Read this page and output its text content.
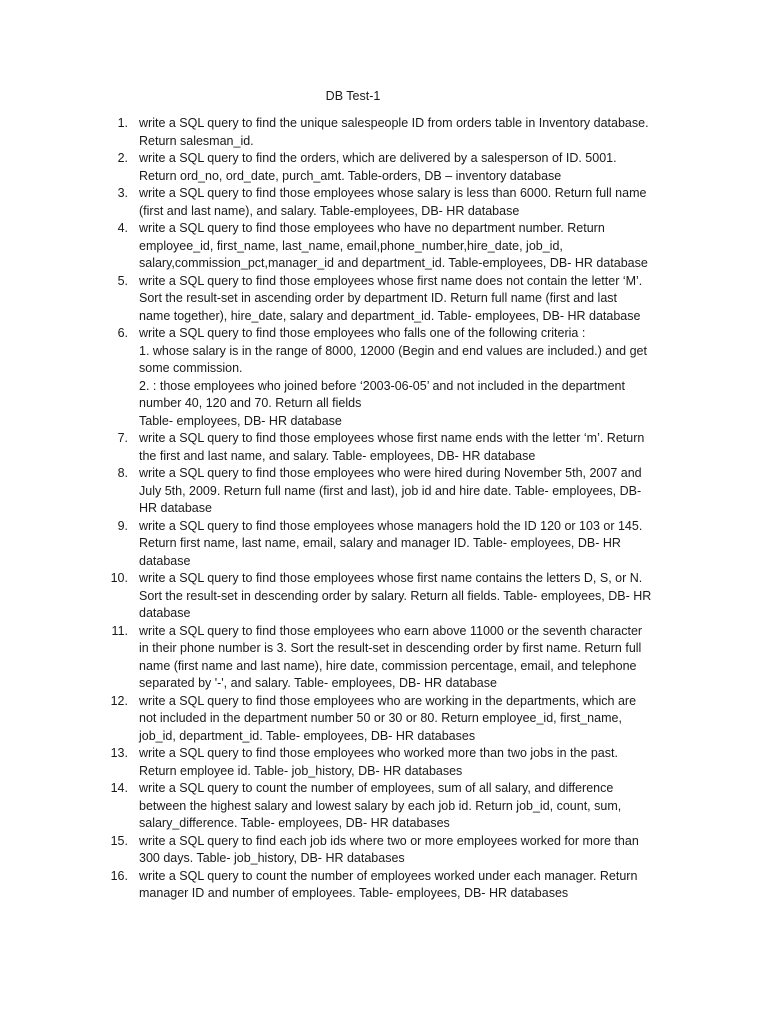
DB Test-1
1. write a SQL query to find the unique salespeople ID from orders table in Inventory database.
Return salesman_id.
2. write a SQL query to find the orders, which are delivered by a salesperson of ID. 5001.
Return ord_no, ord_date, purch_amt. Table-orders, DB – inventory database
3. write a SQL query to find those employees whose salary is less than 6000. Return full name
(first and last name), and salary. Table-employees, DB- HR database
4. write a SQL query to find those employees who have no department number. Return
employee_id, first_name, last_name, email,phone_number,hire_date, job_id,
salary,commission_pct,manager_id and department_id. Table-employees, DB- HR database
5. write a SQL query to find those employees whose first name does not contain the letter ‘M’.
Sort the result-set in ascending order by department ID. Return full name (first and last
name together), hire_date, salary and department_id. Table- employees, DB- HR database
6. write a SQL query to find those employees who falls one of the following criteria :
1. whose salary is in the range of 8000, 12000 (Begin and end values are included.) and get
some commission.
2. : those employees who joined before ‘2003-06-05’ and not included in the department
number 40, 120 and 70. Return all fields
Table- employees, DB- HR database
7. write a SQL query to find those employees whose first name ends with the letter ‘m’. Return
the first and last name, and salary. Table- employees, DB- HR database
8. write a SQL query to find those employees who were hired during November 5th, 2007 and
July 5th, 2009. Return full name (first and last), job id and hire date. Table- employees, DB-
HR database
9. write a SQL query to find those employees whose managers hold the ID 120 or 103 or 145.
Return first name, last name, email, salary and manager ID. Table- employees, DB- HR
database
10. write a SQL query to find those employees whose first name contains the letters D, S, or N.
Sort the result-set in descending order by salary. Return all fields. Table- employees, DB- HR
database
11. write a SQL query to find those employees who earn above 11000 or the seventh character
in their phone number is 3. Sort the result-set in descending order by first name. Return full
name (first name and last name), hire date, commission percentage, email, and telephone
separated by '-', and salary. Table- employees, DB- HR database
12. write a SQL query to find those employees who are working in the departments, which are
not included in the department number 50 or 30 or 80. Return employee_id, first_name,
job_id, department_id. Table- employees, DB- HR databases
13. write a SQL query to find those employees who worked more than two jobs in the past.
Return employee id. Table- job_history, DB- HR databases
14. write a SQL query to count the number of employees, sum of all salary, and difference
between the highest salary and lowest salary by each job id. Return job_id, count, sum,
salary_difference. Table- employees, DB- HR databases
15. write a SQL query to find each job ids where two or more employees worked for more than
300 days. Table- job_history, DB- HR databases
16. write a SQL query to count the number of employees worked under each manager. Return
manager ID and number of employees. Table- employees, DB- HR databases
